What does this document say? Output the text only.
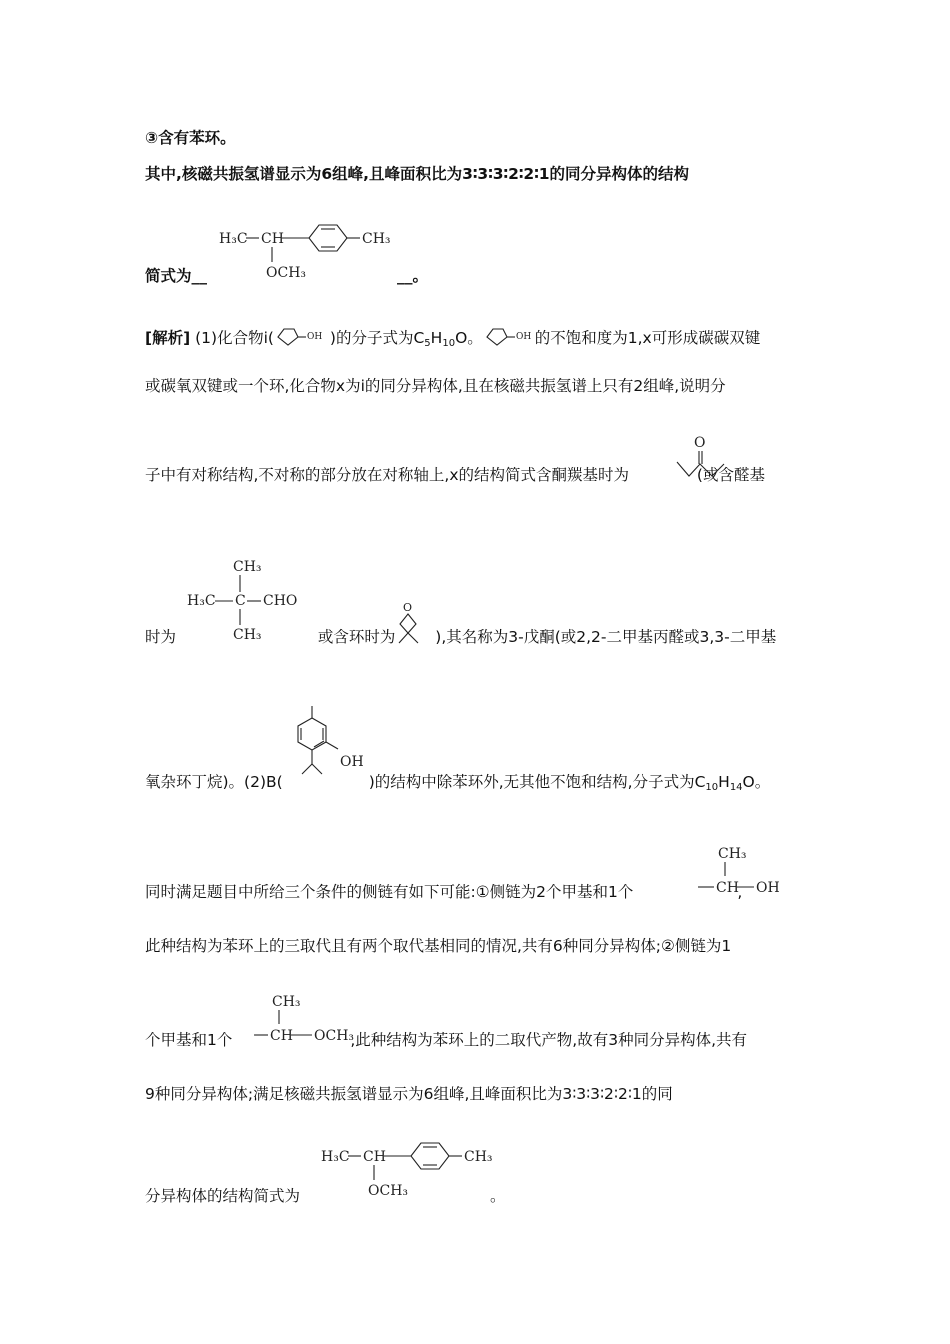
③含有苯环。
其中,核磁共振氢谱显示为6组峰,且峰面积比为3∶3∶3∶2∶2∶1的同分异构体的结构
H₃C CH	CH₃
OCH₃
简式为__	__。
[解析] (1)化合物ⅰ(	OH )的分子式为$C_5H_{10}O$。	OH 的不饱和度为1,x可形成碳碳双键
或碳氧双键或一个环,化合物x为ⅰ的同分异构体,且在核磁共振氢谱上只有2组峰,说明分
子中有对称结构,不对称的部分放在对称轴上,x的结构简式含酮羰基时为	(或含醛基
O
CH₃
H₃C C CHO
CH₃
时为	或含环时为	),其名称为3-戊酮(或2,2-二甲基丙醛或3,3-二甲基
O
OH
氧杂环丁烷)。(2)B(	)的结构中除苯环外,无其他不饱和结构,分子式为$C_{10}H_{14}O$。
CH₃
CH OH
同时满足题目中所给三个条件的侧链有如下可能:①侧链为2个甲基和1个	,
此种结构为苯环上的三取代且有两个取代基相同的情况,共有6种同分异构体;②侧链为1
CH₃
CH OCH₃
个甲基和1个	,此种结构为苯环上的二取代产物,故有3种同分异构体,共有
9种同分异构体;满足核磁共振氢谱显示为6组峰,且峰面积比为3∶3∶3∶2∶2∶1的同
H₃C CH	CH₃
OCH₃
分异构体的结构简式为	。
